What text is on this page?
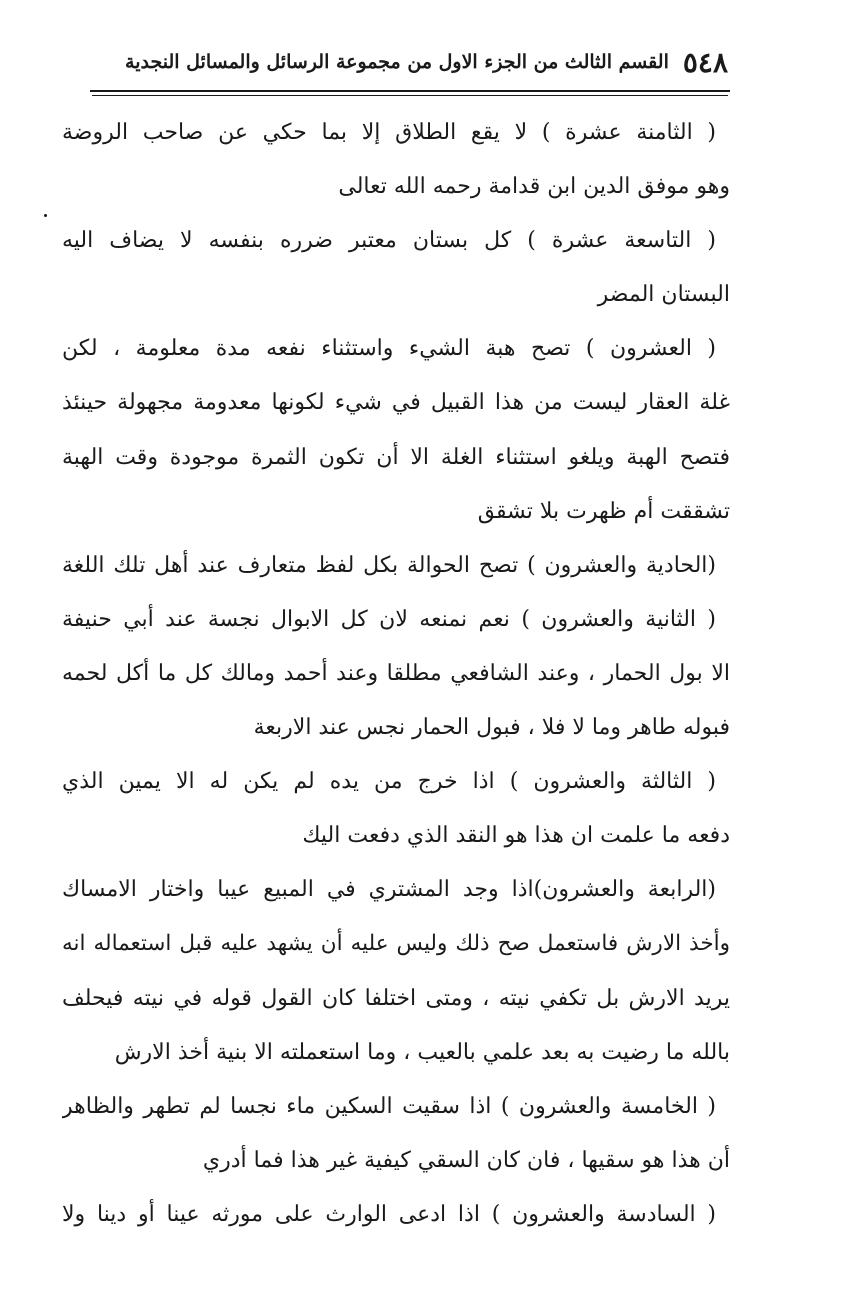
٥٤٨
القسم الثالث من الجزء الاول من مجموعة الرسائل والمسائل النجدية
( الثامنة عشرة ) لا يقع الطلاق إلا بما حكي عن صاحب الروضة
وهو موفق الدين ابن قدامة رحمه الله تعالى
( التاسعة عشرة ) كل بستان معتبر ضرره بنفسه لا يضاف اليه
البستان المضر
( العشرون ) تصح هبة الشيء واستثناء نفعه مدة معلومة ، لكن
غلة العقار ليست من هذا القبيل في شيء لكونها معدومة مجهولة حينئذ
فتصح الهبة ويلغو استثناء الغلة الا أن تكون الثمرة موجودة وقت الهبة
تشققت أم ظهرت بلا تشقق
(الحادية والعشرون ) تصح الحوالة بكل لفظ متعارف عند أهل تلك اللغة
( الثانية والعشرون ) نعم نمنعه لان كل الابوال نجسة عند أبي حنيفة
الا بول الحمار ، وعند الشافعي مطلقا وعند أحمد ومالك كل ما أكل لحمه
فبوله طاهر وما لا فلا ، فبول الحمار نجس عند الاربعة
( الثالثة والعشرون ) اذا خرج من يده لم يكن له الا يمين الذي
دفعه ما علمت ان هذا هو النقد الذي دفعت اليك
(الرابعة والعشرون)اذا وجد المشتري في المبيع عيبا واختار الامساك
وأخذ الارش فاستعمل صح ذلك وليس عليه أن يشهد عليه قبل استعماله انه
يريد الارش بل تكفي نيته ، ومتى اختلفا كان القول قوله في نيته فيحلف
بالله ما رضيت به بعد علمي بالعيب ، وما استعملته الا بنية أخذ الارش
( الخامسة والعشرون ) اذا سقيت السكين ماء نجسا لم تطهر والظاهر
أن هذا هو سقيها ، فان كان السقي كيفية غير هذا فما أدري
( السادسة والعشرون ) اذا ادعى الوارث على مورثه عينا أو دينا ولا
